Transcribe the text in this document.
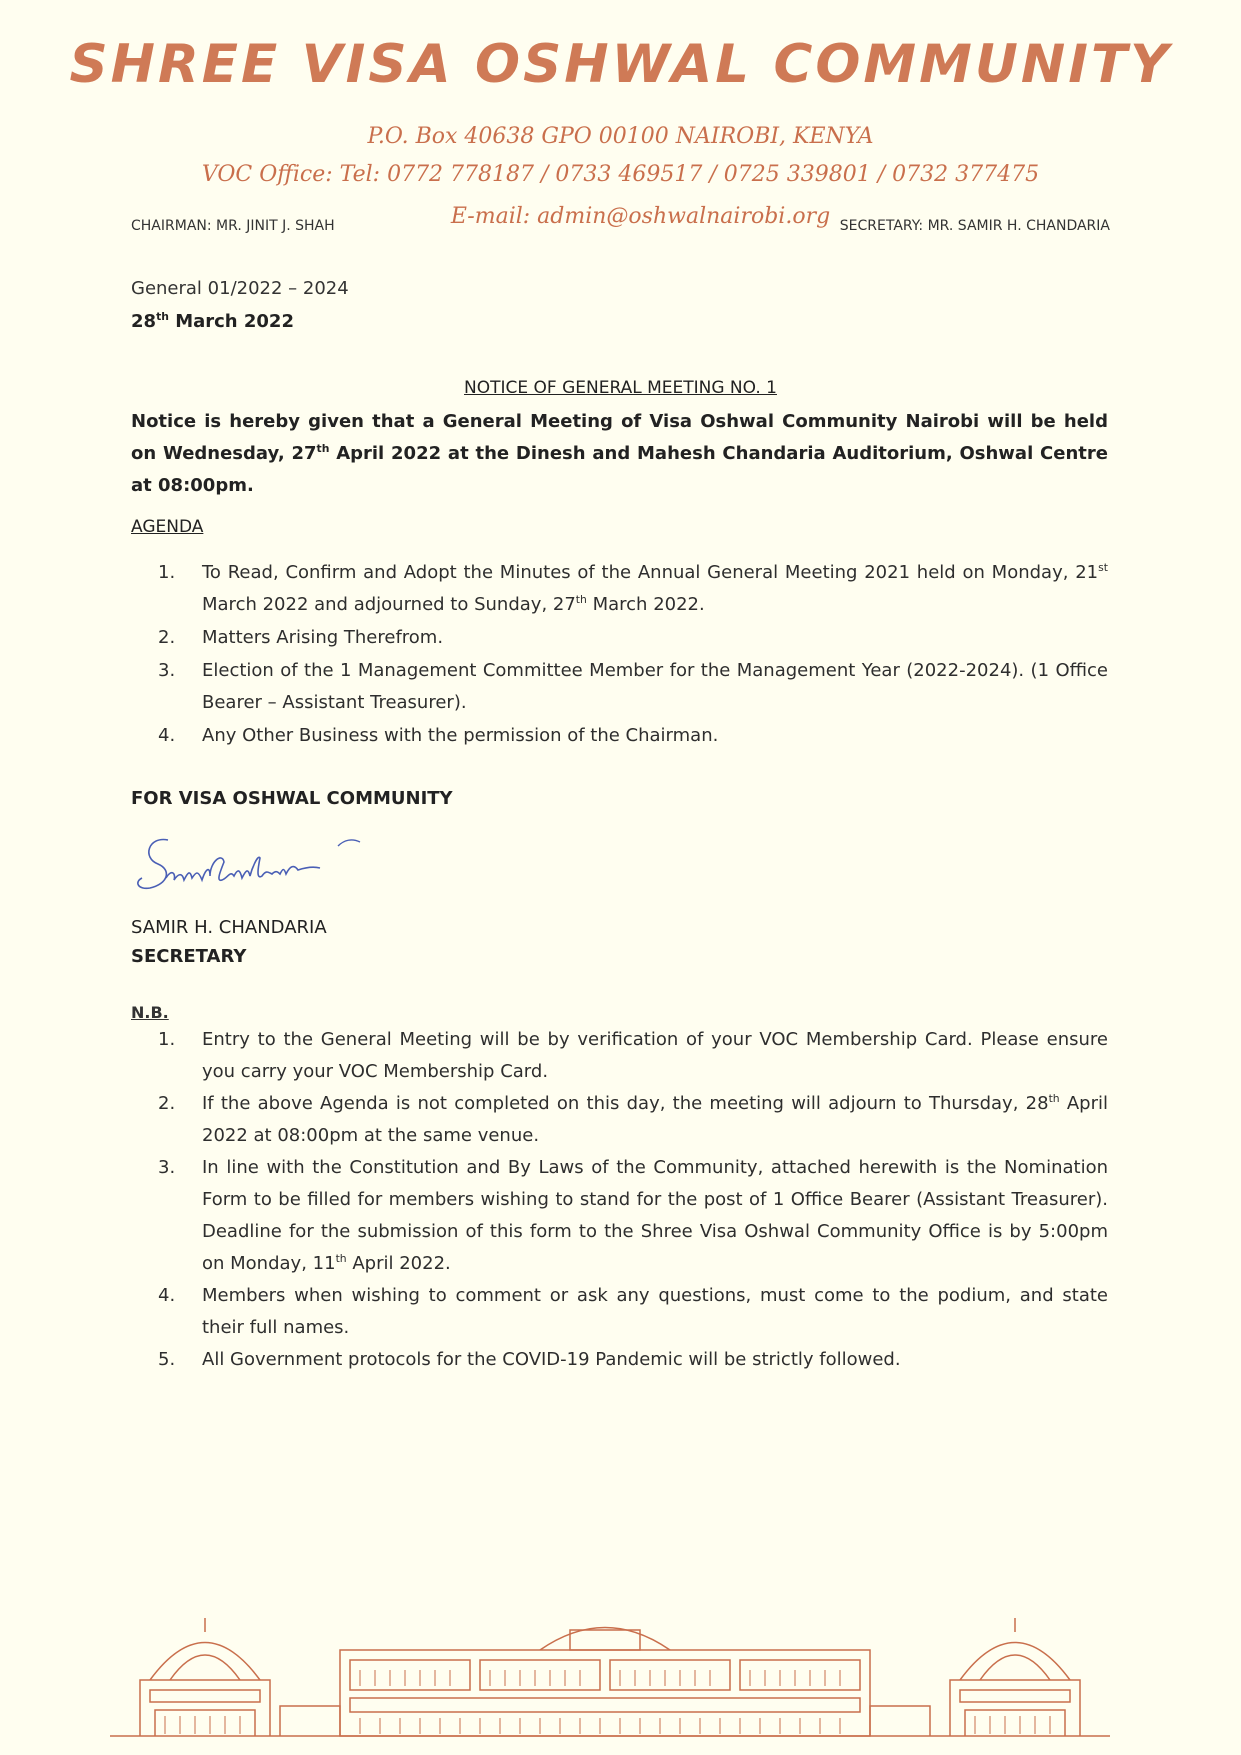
SHREE VISA OSHWAL COMMUNITY
P.O. Box 40638 GPO 00100 NAIROBI, KENYA
VOC Office: Tel: 0772 778187 / 0733 469517 / 0725 339801 / 0732 377475
E-mail: admin@oshwalnairobi.org
CHAIRMAN: MR. JINIT J. SHAH	SECRETARY: MR. SAMIR H. CHANDARIA
General 01/2022 – 2024
28th March 2022
NOTICE OF GENERAL MEETING NO. 1
Notice is hereby given that a General Meeting of Visa Oshwal Community Nairobi will be held on Wednesday, 27th April 2022 at the Dinesh and Mahesh Chandaria Auditorium, Oshwal Centre at 08:00pm.
AGENDA
1. To Read, Confirm and Adopt the Minutes of the Annual General Meeting 2021 held on Monday, 21st March 2022 and adjourned to Sunday, 27th March 2022.
2. Matters Arising Therefrom.
3. Election of the 1 Management Committee Member for the Management Year (2022-2024). (1 Office Bearer – Assistant Treasurer).
4. Any Other Business with the permission of the Chairman.
FOR VISA OSHWAL COMMUNITY
SAMIR H. CHANDARIA
SECRETARY
N.B.
1. Entry to the General Meeting will be by verification of your VOC Membership Card. Please ensure you carry your VOC Membership Card.
2. If the above Agenda is not completed on this day, the meeting will adjourn to Thursday, 28th April 2022 at 08:00pm at the same venue.
3. In line with the Constitution and By Laws of the Community, attached herewith is the Nomination Form to be filled for members wishing to stand for the post of 1 Office Bearer (Assistant Treasurer). Deadline for the submission of this form to the Shree Visa Oshwal Community Office is by 5:00pm on Monday, 11th April 2022.
4. Members when wishing to comment or ask any questions, must come to the podium, and state their full names.
5. All Government protocols for the COVID-19 Pandemic will be strictly followed.
